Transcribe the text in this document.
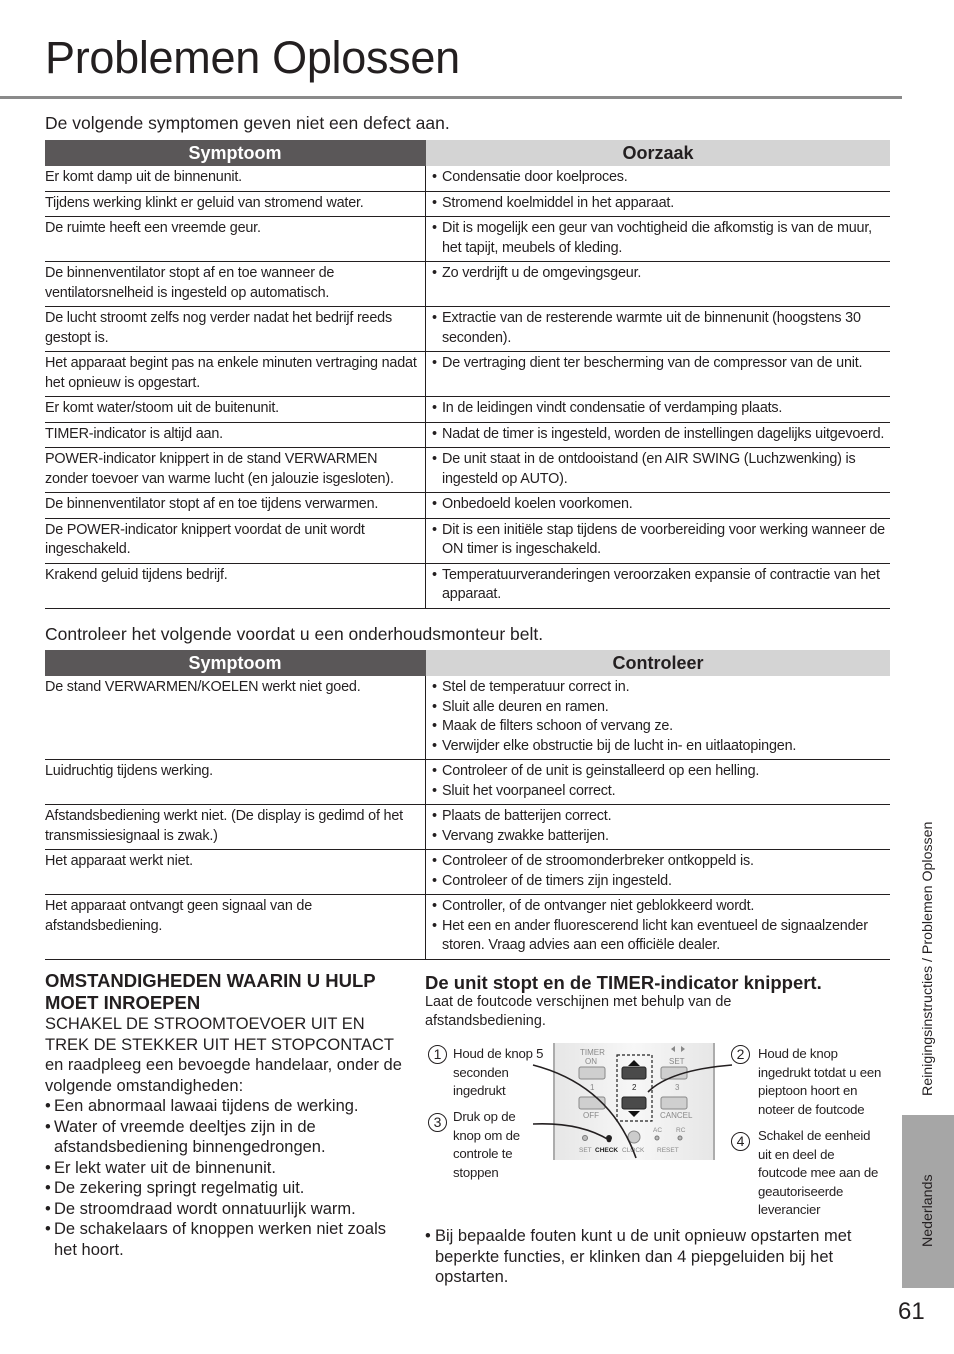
Problemen Oplossen
De volgende symptomen geven niet een defect aan.
Symptoom	Oorzaak
Er komt damp uit de binnenunit.	• Condensatie door koelproces.

Tijdens werking klinkt er geluid van stromend water.	• Stromend koelmiddel in het apparaat.

De ruimte heeft een vreemde geur.	• Dit is mogelijk een geur van vochtigheid die afkomstig is van de muur, het tapijt, meubels of kleding.

De binnenventilator stopt af en toe wanneer de ventilatorsnelheid is ingesteld op automatisch.	• Zo verdrijft u de omgevingsgeur.

De lucht stroomt zelfs nog verder nadat het bedrijf reeds gestopt is.	• Extractie van de resterende warmte uit de binnenunit (hoogstens 30 seconden).

Het apparaat begint pas na enkele minuten vertraging nadat het opnieuw is opgestart.	• De vertraging dient ter bescherming van de compressor van de unit.

Er komt water/stoom uit de buitenunit.	• In de leidingen vindt condensatie of verdamping plaats.

TIMER-indicator is altijd aan.	• Nadat de timer is ingesteld, worden de instellingen dagelijks uitgevoerd.

POWER-indicator knippert in de stand VERWARMEN zonder toevoer van warme lucht (en jalouzie isgesloten).	• De unit staat in de ontdooistand (en AIR SWING (Luchzwenking) is ingesteld op AUTO).

De binnenventilator stopt af en toe tijdens verwarmen.	• Onbedoeld koelen voorkomen.

De POWER-indicator knippert voordat de unit wordt ingeschakeld.	• Dit is een initiële stap tijdens de voorbereiding voor werking wanneer de ON timer is ingeschakeld.

Krakend geluid tijdens bedrijf.	• Temperatuurveranderingen veroorzaken expansie of contractie van het apparaat.
Controleer het volgende voordat u een onderhoudsmonteur belt.
Symptoom	Controleer
De stand VERWARMEN/KOELEN werkt niet goed.	• Stel de temperatuur correct in.
• Sluit alle deuren en ramen.
• Maak de filters schoon of vervang ze.
• Verwijder elke obstructie bij de lucht in- en uitlaatopingen.

Luidruchtig tijdens werking.	• Controleer of de unit is geinstalleerd op een helling.
• Sluit het voorpaneel correct.

Afstandsbediening werkt niet. (De display is gedimd of het transmissiesignaal is zwak.)	• Plaats de batterijen correct.
• Vervang zwakke batterijen.

Het apparaat werkt niet.	• Controleer of de stroomonderbreker ontkoppeld is.
• Controleer of de timers zijn ingesteld.

Het apparaat ontvangt geen signaal van de afstandsbediening.	• Controller, of de ontvanger niet geblokkeerd wordt.
• Het een en ander fluorescerend licht kan eventueel de signaalzender storen. Vraag advies aan een officiële dealer.
OMSTANDIGHEDEN WAARIN U HULP MOET INROEPEN

SCHAKEL DE STROOMTOEVOER UIT EN TREK DE STEKKER UIT HET STOPCONTACT en raadpleeg een bevoegde handelaar, onder de volgende omstandigheden:

• Een abnormaal lawaai tijdens de werking.
• Water of vreemde deeltjes zijn in de afstandsbediening binnengedrongen.
• Er lekt water uit de binnenunit.
• De zekering springt regelmatig uit.
• De stroomdraad wordt onnatuurlijk warm.
• De schakelaars of knoppen werken niet zoals het hoort.
De unit stopt en de TIMER-indicator knippert.
Laat de foutcode verschijnen met behulp van de afstandsbediening.
1 Houd de knop 5 seconden ingedrukt
3 Druk op de knop om de controle te stoppen
2	Houd de knop ingedrukt totdat u een pieptoon hoort en noteer de foutcode
4	Schakel de eenheid uit en deel de foutcode mee aan de geautoriseerde leverancier
TIMER
ON	SET
1	2	3
OFF	CANCEL
AC RC
SET CHECK CLOCK RESET
• Bij bepaalde fouten kunt u de unit opnieuw opstarten met beperkte functies, er klinken dan 4 piepgeluiden bij het opstarten.
Reinigingsinstructies / Problemen Oplossen
Nederlands
61
